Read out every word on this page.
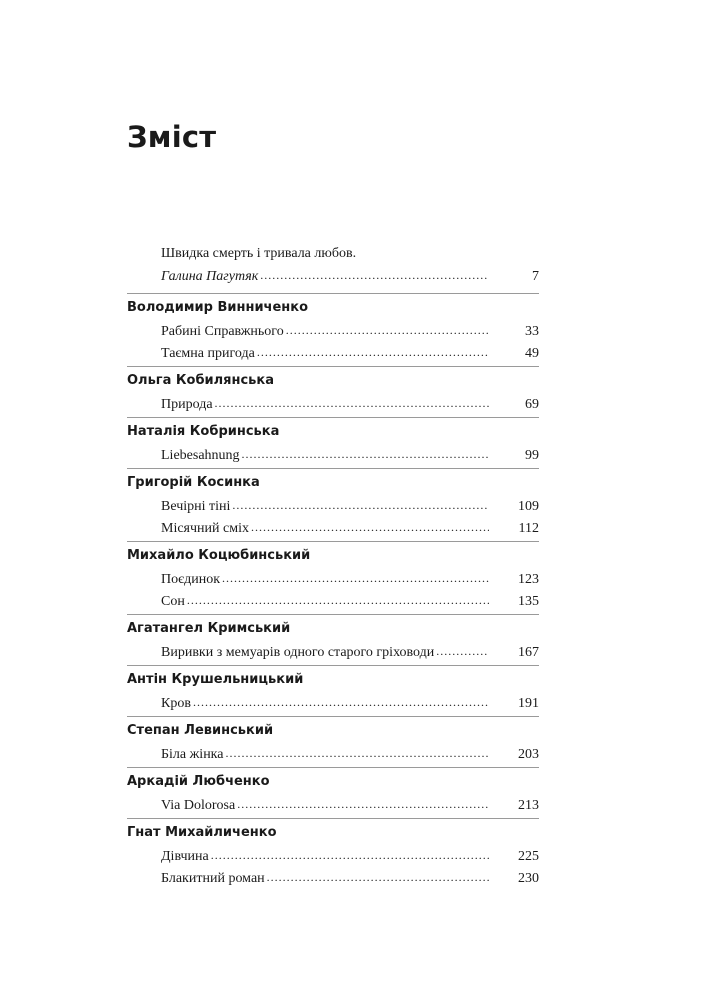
Зміст
Швидка смерть і тривала любов.
Галина Пагутяк .....	7
Володимир Винниченко
Рабині Справжнього .....	33
Таємна пригода .....	49
Ольга Кобилянська
Природа .....	69
Наталія Кобринська
Liebesahnung .....	99
Григорій Косинка
Вечірні тіні .....	109
Місячний сміх .....	112
Михайло Коцюбинський
Поєдинок .....	123
Сон .....	135
Агатангел Кримський
Виривки з мемуарів одного старого гріховоди .....	167
Антін Крушельницький
Кров .....	191
Степан Левинський
Біла жінка .....	203
Аркадій Любченко
Via Dolorosa .....	213
Гнат Михайличенко
Дівчина .....	225
Блакитний роман .....	230
